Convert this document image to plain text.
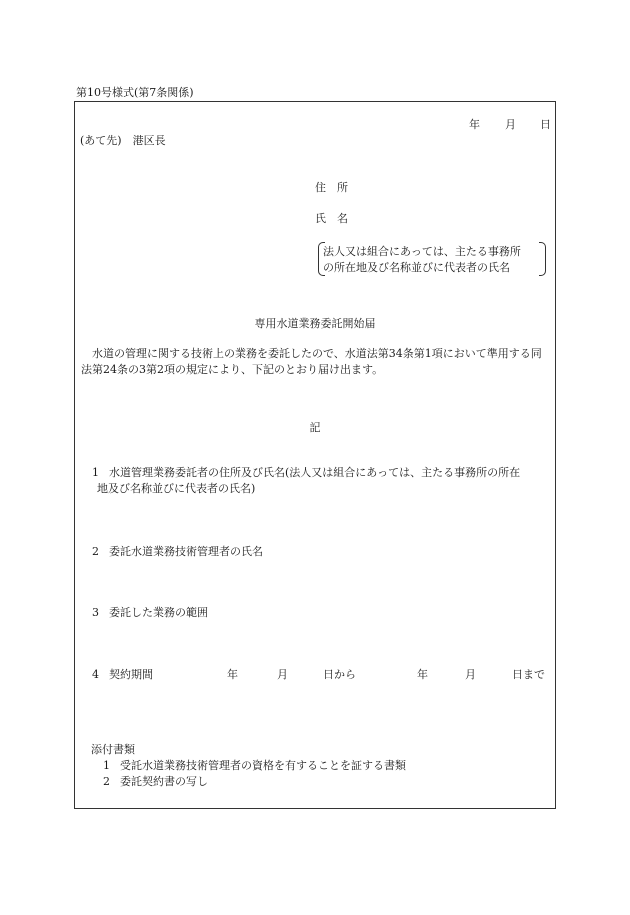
第10号様式(第7条関係)
年 月 日
(あて先)　港区長
住　所
氏　名
法人又は組合にあっては、主たる事務所
の所在地及び名称並びに代表者の氏名
専用水道業務委託開始届
　水道の管理に関する技術上の業務を委託したので、水道法第34条第1項において準用する同法第24条の3第2項の規定により、下記のとおり届け出ます。
記
1 水道管理業務委託者の住所及び氏名(法人又は組合にあっては、主たる事務所の所在
地及び名称並びに代表者の氏名)
2 委託水道業務技術管理者の氏名
3 委託した業務の範囲
4 契約期間	年	月	日から	年	月	日まで
添付書類
1 受託水道業務技術管理者の資格を有することを証する書類
2 委託契約書の写し
